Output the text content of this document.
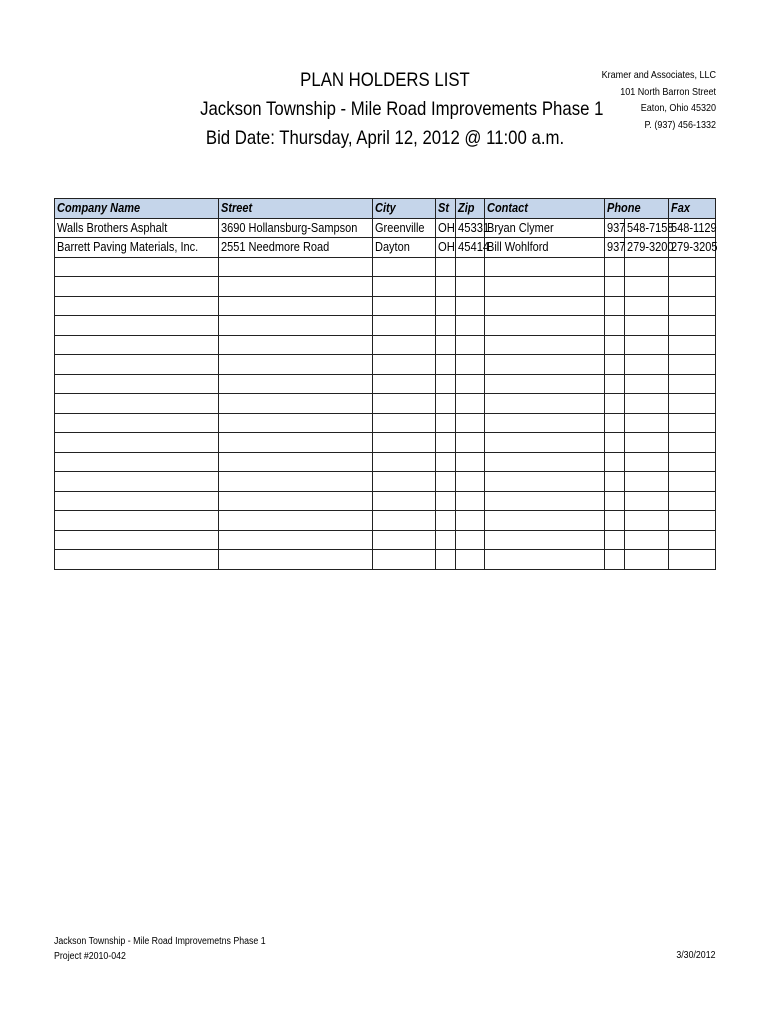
PLAN HOLDERS LIST
Jackson Township - Mile Road Improvements Phase 1
Bid Date: Thursday, April 12, 2012 @ 11:00 a.m.
Kramer and Associates, LLC
101 North Barron Street
Eaton, Ohio 45320
P. (937) 456-1332
Company Name	Street	City	St	Zip	Contact	Phone		Fax
Walls Brothers Asphalt	3690 Hollansburg-Sampson	Greenville	OH	45331	Bryan Clymer	937	548-7158	548-1129
Barrett Paving Materials, Inc.	2551 Needmore Road	Dayton	OH	45414	Bill Wohlford	937	279-3200	279-3205

Jackson Township - Mile Road Improvemetns Phase 1
Project #2010-042	3/30/2012
